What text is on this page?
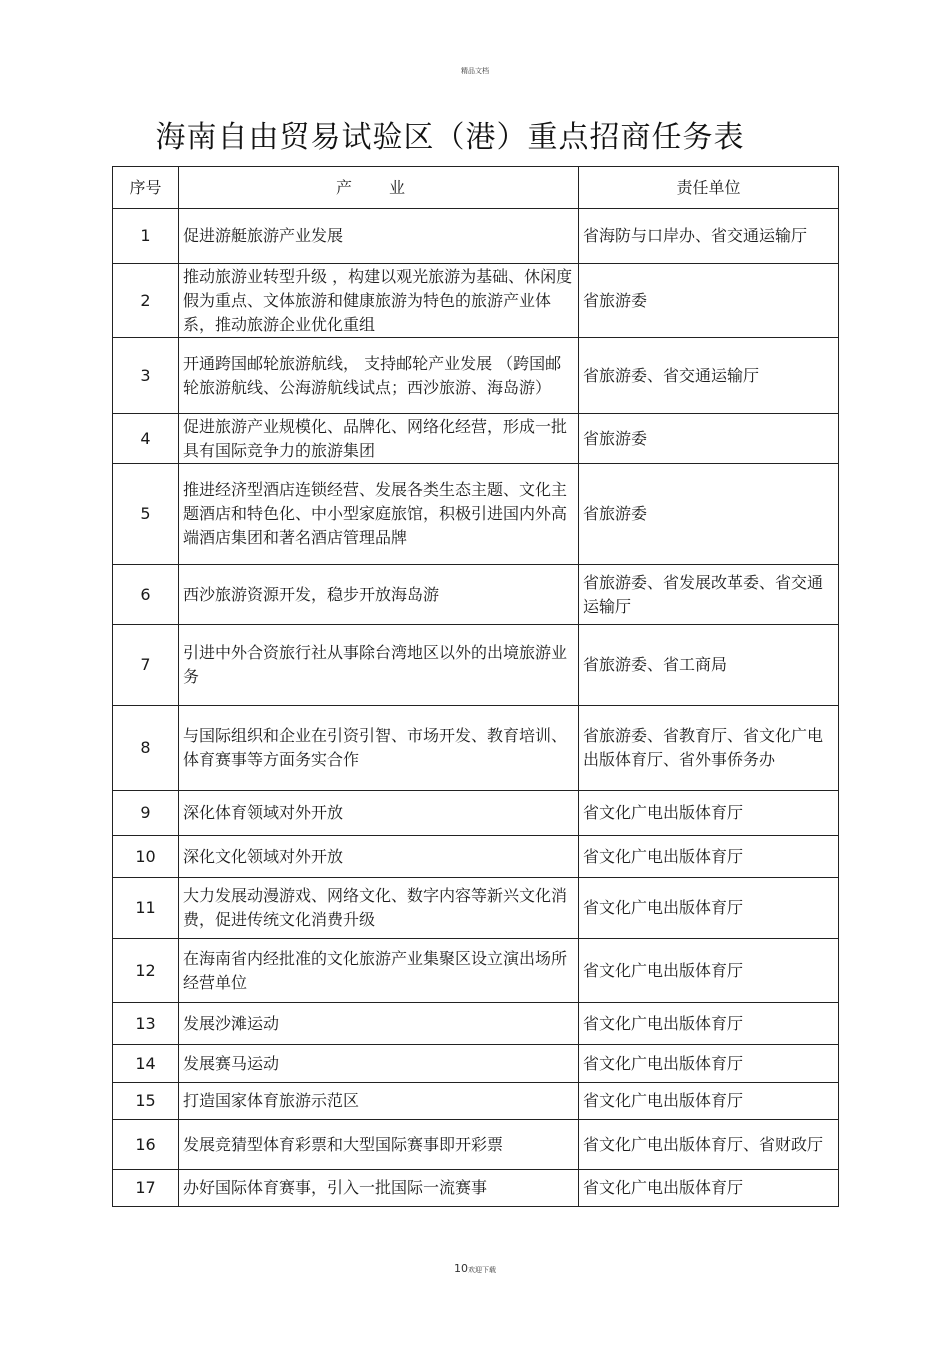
精品文档
海南自由贸易试验区（港）重点招商任务表
序号	产 业	责任单位
1	促进游艇旅游产业发展	省海防与口岸办、省交通运输厅
2	推动旅游业转型升级 ，构建以观光旅游为基础、休闲度假为重点、文体旅游和健康旅游为特色的旅游产业体系，推动旅游企业优化重组	省旅游委
3	开通跨国邮轮旅游航线， 支持邮轮产业发展 （跨国邮轮旅游航线、公海游航线试点；西沙旅游、海岛游）	省旅游委、省交通运输厅
4	促进旅游产业规模化、品牌化、网络化经营，形成一批具有国际竞争力的旅游集团	省旅游委
5	推进经济型酒店连锁经营、发展各类生态主题、文化主题酒店和特色化、中小型家庭旅馆，积极引进国内外高端酒店集团和著名酒店管理品牌	省旅游委
6	西沙旅游资源开发，稳步开放海岛游	省旅游委、省发展改革委、省交通运输厅
7	引进中外合资旅行社从事除台湾地区以外的出境旅游业务	省旅游委、省工商局
8	与国际组织和企业在引资引智、市场开发、教育培训、体育赛事等方面务实合作	省旅游委、省教育厅、省文化广电出版体育厅、省外事侨务办
9	深化体育领域对外开放	省文化广电出版体育厅
10	深化文化领域对外开放	省文化广电出版体育厅
11	大力发展动漫游戏、网络文化、数字内容等新兴文化消费，促进传统文化消费升级	省文化广电出版体育厅
12	在海南省内经批准的文化旅游产业集聚区设立演出场所经营单位	省文化广电出版体育厅
13	发展沙滩运动	省文化广电出版体育厅
14	发展赛马运动	省文化广电出版体育厅
15	打造国家体育旅游示范区	省文化广电出版体育厅
16	发展竞猜型体育彩票和大型国际赛事即开彩票	省文化广电出版体育厅、省财政厅
17	办好国际体育赛事，引入一批国际一流赛事	省文化广电出版体育厅
10欢迎下载
